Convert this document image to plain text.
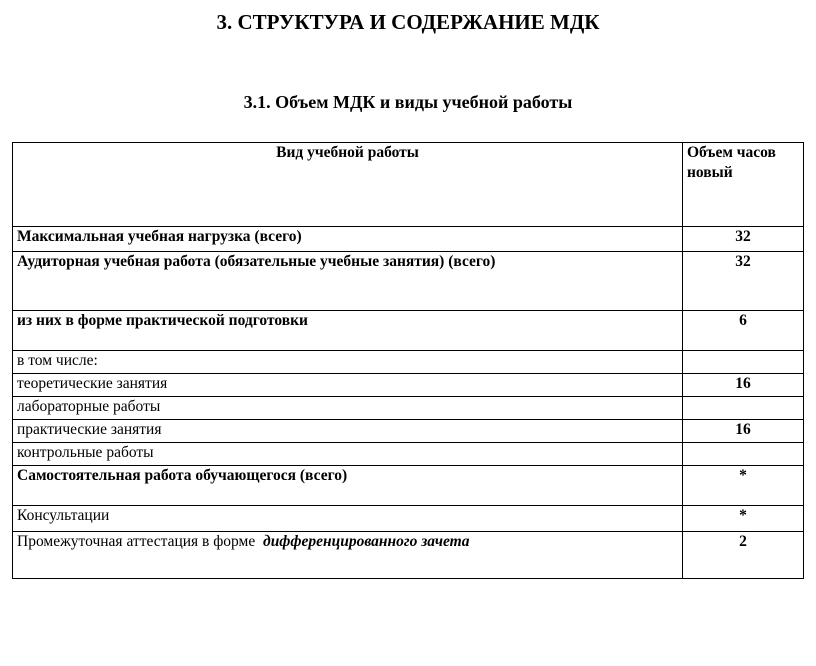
3. СТРУКТУРА И СОДЕРЖАНИЕ МДК
3.1. Объем МДК и виды учебной работы
Вид учебной работы	Объем часов новый
Максимальная учебная нагрузка (всего)	32
Аудиторная учебная работа (обязательные учебные занятия) (всего)	32
из них в форме практической подготовки	6
в том числе:	
теоретические занятия	16
лабораторные работы	
практические занятия	16
контрольные работы	
Самостоятельная работа обучающегося (всего)	*
Консультации	*
Промежуточная аттестация в форме дифференцированного зачета	2
